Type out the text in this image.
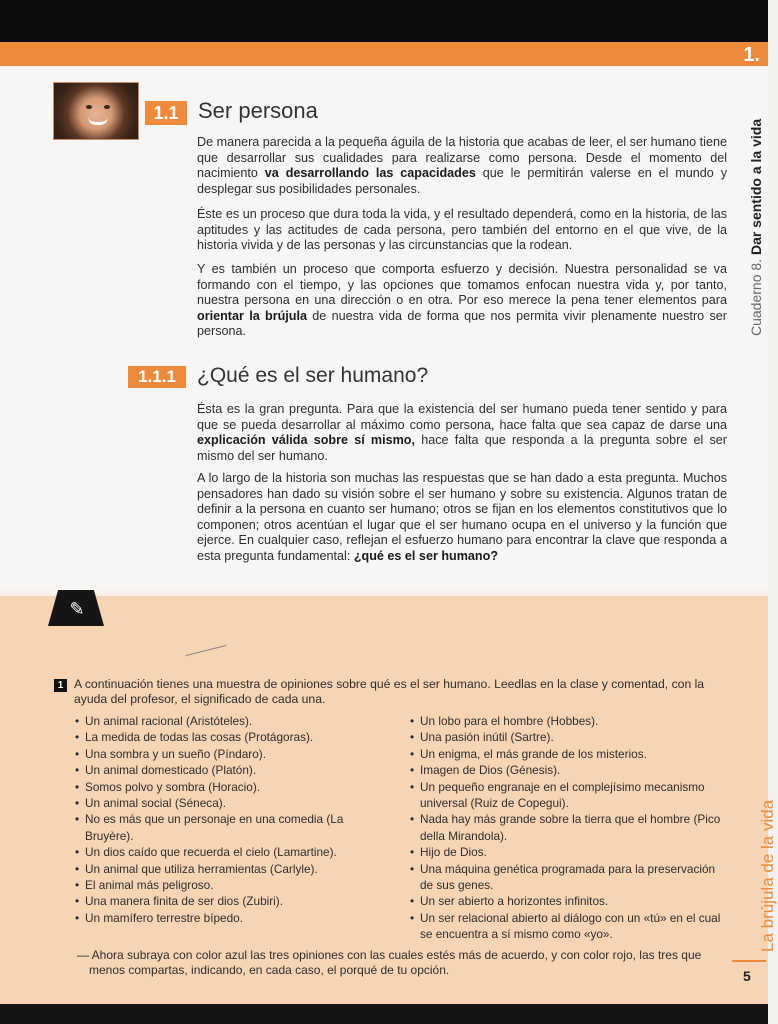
1.
1.1 Ser persona

De manera parecida a la pequeña águila de la historia que acabas de leer, el ser humano tiene que desarrollar sus cualidades para realizarse como persona. Desde el momento del nacimiento va desarrollando las capacidades que le permitirán valerse en el mundo y desplegar sus posibilidades personales.

Éste es un proceso que dura toda la vida, y el resultado dependerá, como en la historia, de las aptitudes y las actitudes de cada persona, pero también del entorno en el que vive, de la historia vivida y de las personas y las circunstancias que la rodean.

Y es también un proceso que comporta esfuerzo y decisión. Nuestra personalidad se va formando con el tiempo, y las opciones que tomamos enfocan nuestra vida y, por tanto, nuestra persona en una dirección o en otra. Por eso merece la pena tener elementos para orientar la brújula de nuestra vida de forma que nos permita vivir plenamente nuestro ser persona.

1.1.1	¿Qué es el ser humano?

Ésta es la gran pregunta. Para que la existencia del ser humano pueda tener sentido y para que se pueda desarrollar al máximo como persona, hace falta que sea capaz de darse una explicación válida sobre sí mismo, hace falta que responda a la pregunta sobre el ser mismo del ser humano.

A lo largo de la historia son muchas las respuestas que se han dado a esta pregunta. Muchos pensadores han dado su visión sobre el ser humano y sobre su existencia. Algunos tratan de definir a la persona en cuanto ser humano; otros se fijan en los elementos constitutivos que lo componen; otros acentúan el lugar que el ser humano ocupa en el universo y la función que ejerce. En cualquier caso, reflejan el esfuerzo humano para encontrar la clave que responda a esta pregunta fundamental: ¿qué es el ser humano?

Cuaderno 8. Dar sentido a la vida
La brújula de la vida
5
✎
1 A continuación tienes una muestra de opiniones sobre qué es el ser humano. Leedlas en la clase y comentad, con la ayuda del profesor, el significado de cada una.

• Un animal racional (Aristóteles).
• La medida de todas las cosas (Protágoras).
• Una sombra y un sueño (Píndaro).
• Un animal domesticado (Platón).
• Somos polvo y sombra (Horacio).
• Un animal social (Séneca).
• No es más que un personaje en una comedia (La Bruyère).
• Un dios caído que recuerda el cielo (Lamartine).
• Un animal que utiliza herramientas (Carlyle).
• El animal más peligroso.
• Una manera finita de ser dios (Zubiri).
• Un mamífero terrestre bípedo.
• Un lobo para el hombre (Hobbes).
• Una pasión inútil (Sartre).
• Un enigma, el más grande de los misterios.
• Imagen de Dios (Génesis).
• Un pequeño engranaje en el complejísimo mecanismo universal (Ruiz de Copegui).
• Nada hay más grande sobre la tierra que el hombre (Pico della Mirandola).
• Hijo de Dios.
• Una máquina genética programada para la preservación de sus genes.
• Un ser abierto a horizontes infinitos.
• Un ser relacional abierto al diálogo con un «tú» en el cual se encuentra a sí mismo como «yo».

— Ahora subraya con color azul las tres opiniones con las cuales estés más de acuerdo, y con color rojo, las tres que menos compartas, indicando, en cada caso, el porqué de tu opción.
